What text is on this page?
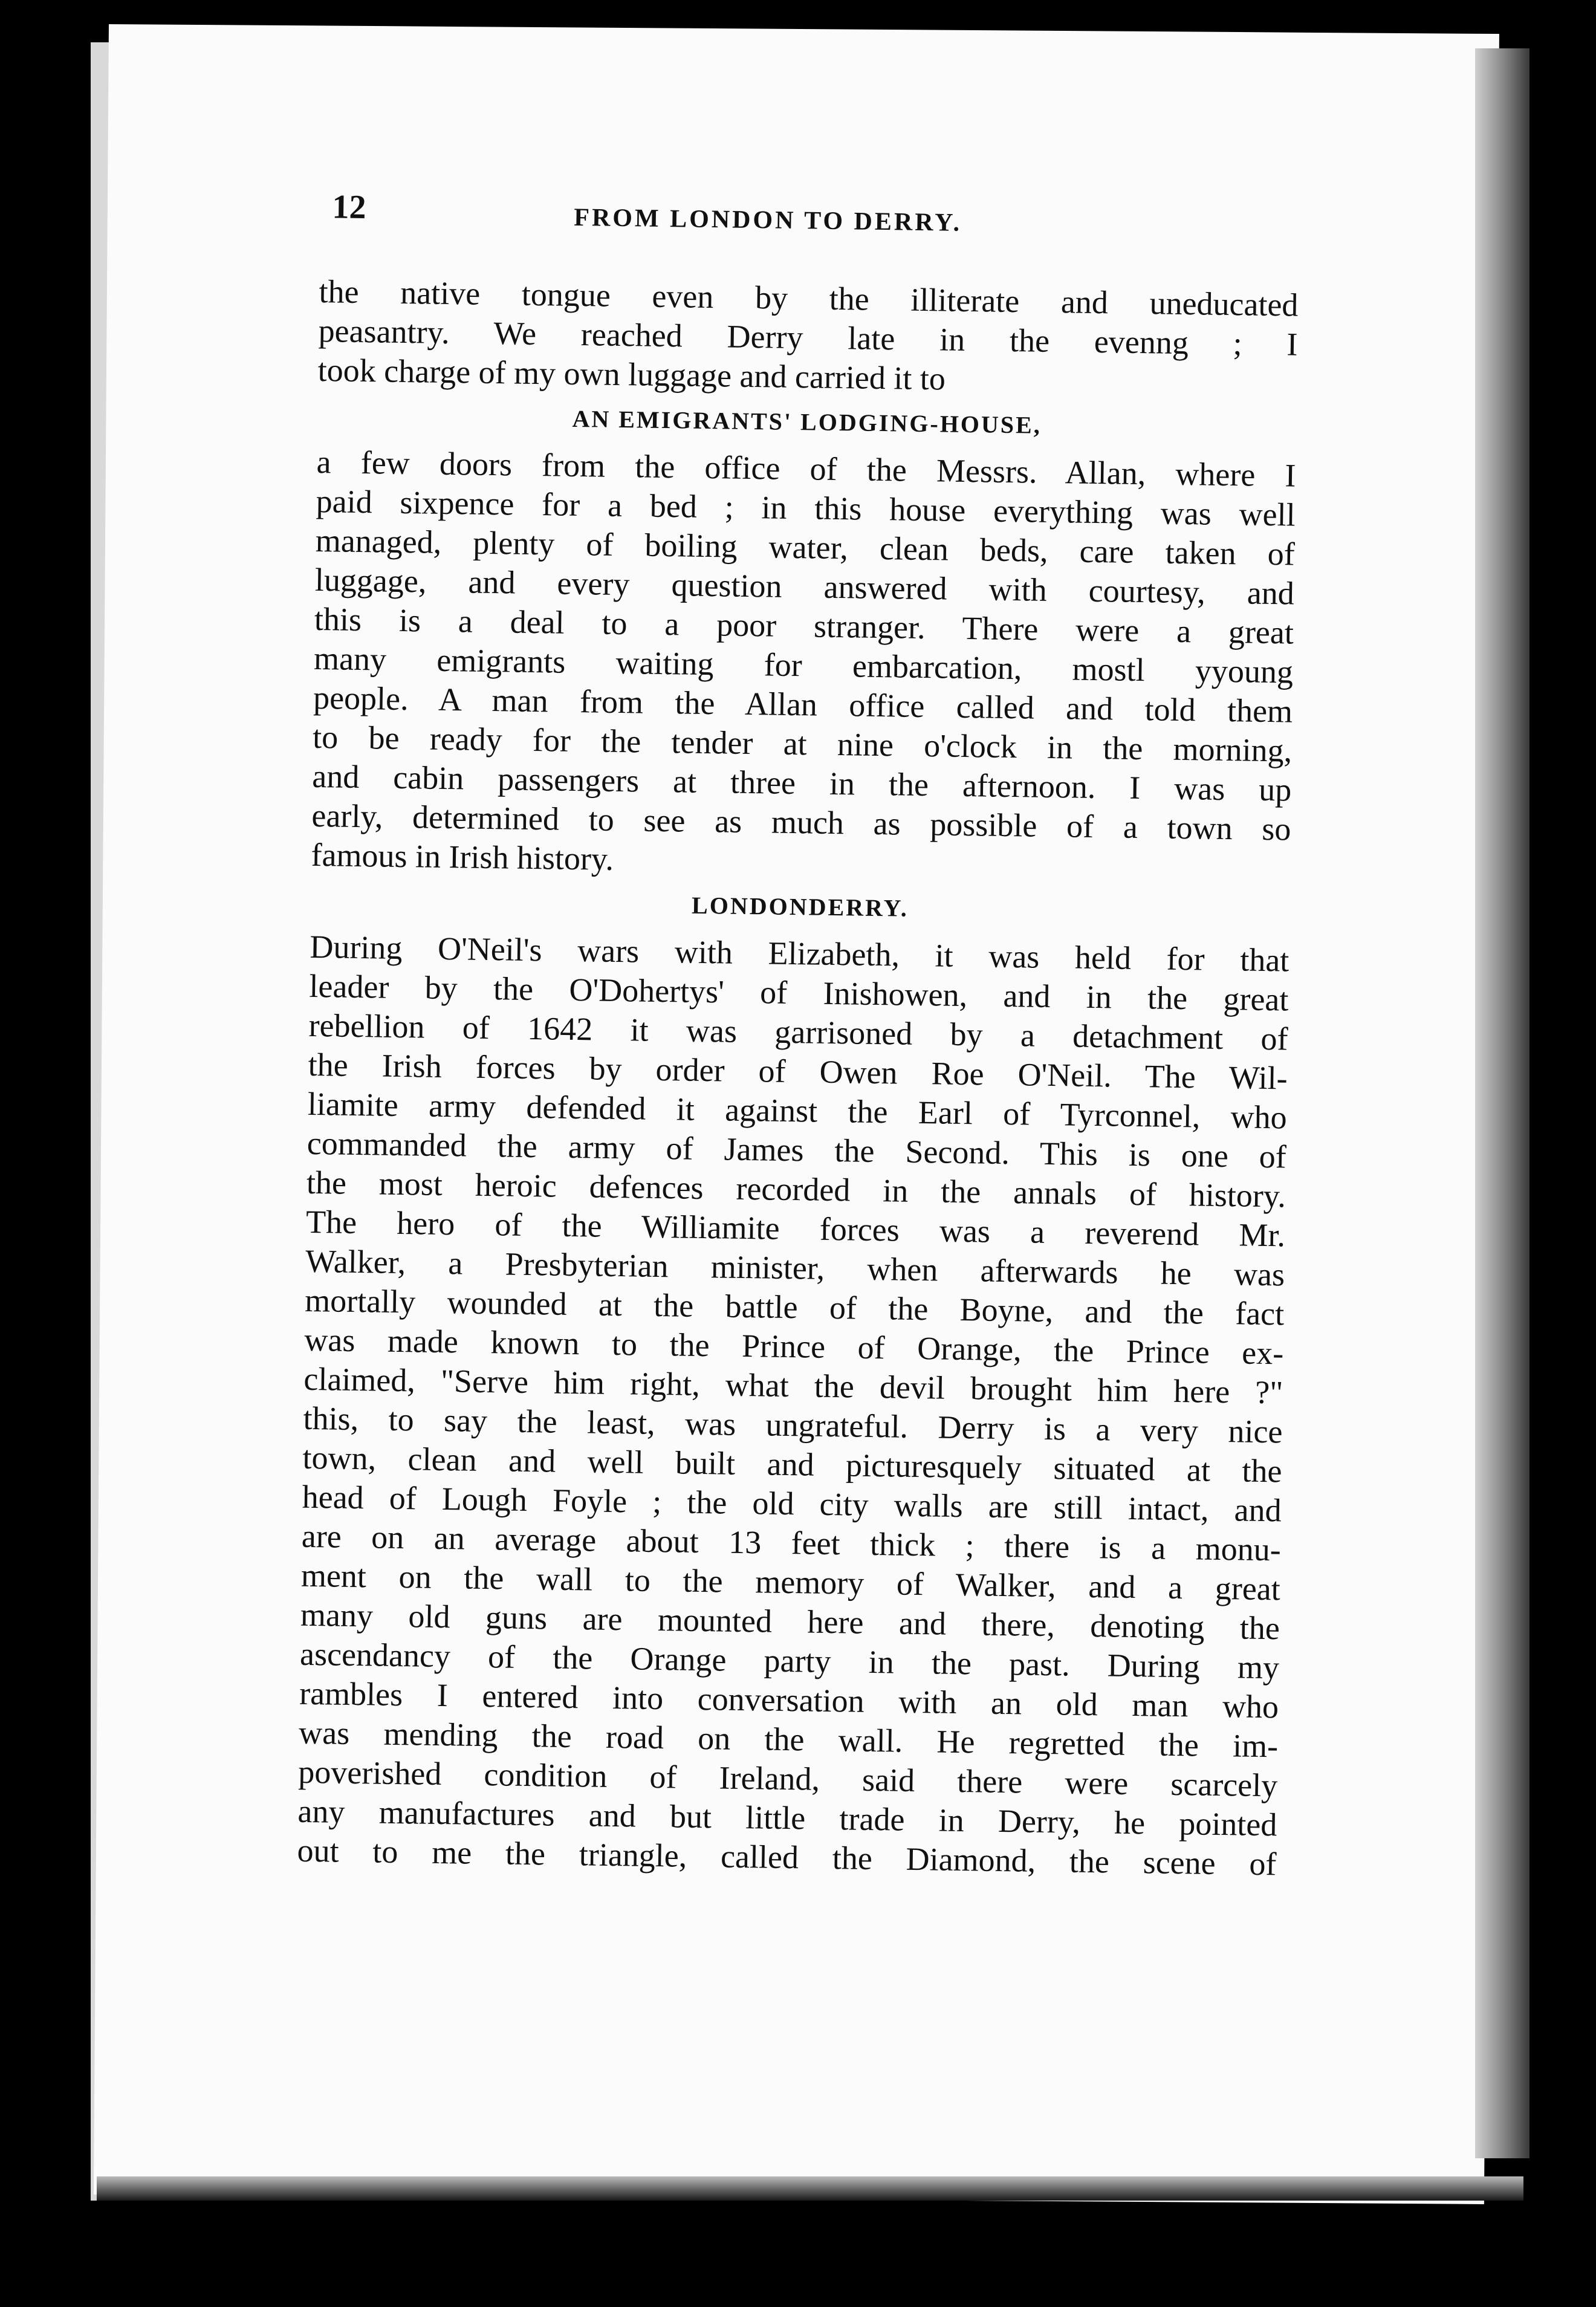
12	FROM LONDON TO DERRY.

the native tongue even by the illiterate and uneducated
peasantry. We reached Derry late in the evenng ; I
took charge of my own luggage and carried it to

AN EMIGRANTS' LODGING-HOUSE,

a few doors from the office of the Messrs. Allan, where I
paid sixpence for a bed ; in this house everything was well
managed, plenty of boiling water, clean beds, care taken of
luggage, and every question answered with courtesy, and
this is a deal to a poor stranger. There were a great
many emigrants waiting for embarcation, mostl yyoung
people. A man from the Allan office called and told them
to be ready for the tender at nine o'clock in the morning,
and cabin passengers at three in the afternoon. I was up
early, determined to see as much as possible of a town so
famous in Irish history.

LONDONDERRY.

During O'Neil's wars with Elizabeth, it was held for that
leader by the O'Dohertys' of Inishowen, and in the great
rebellion of 1642 it was garrisoned by a detachment of
the Irish forces by order of Owen Roe O'Neil. The Wil-
liamite army defended it against the Earl of Tyrconnel, who
commanded the army of James the Second. This is one of
the most heroic defences recorded in the annals of history.
The hero of the Williamite forces was a reverend Mr.
Walker, a Presbyterian minister, when afterwards he was
mortally wounded at the battle of the Boyne, and the fact
was made known to the Prince of Orange, the Prince ex-
claimed, "Serve him right, what the devil brought him here ?"
this, to say the least, was ungrateful. Derry is a very nice
town, clean and well built and picturesquely situated at the
head of Lough Foyle ; the old city walls are still intact, and
are on an average about 13 feet thick ; there is a monu-
ment on the wall to the memory of Walker, and a great
many old guns are mounted here and there, denoting the
ascendancy of the Orange party in the past. During my
rambles I entered into conversation with an old man who
was mending the road on the wall. He regretted the im-
poverished condition of Ireland, said there were scarcely
any manufactures and but little trade in Derry, he pointed
out to me the triangle, called the Diamond, the scene of
